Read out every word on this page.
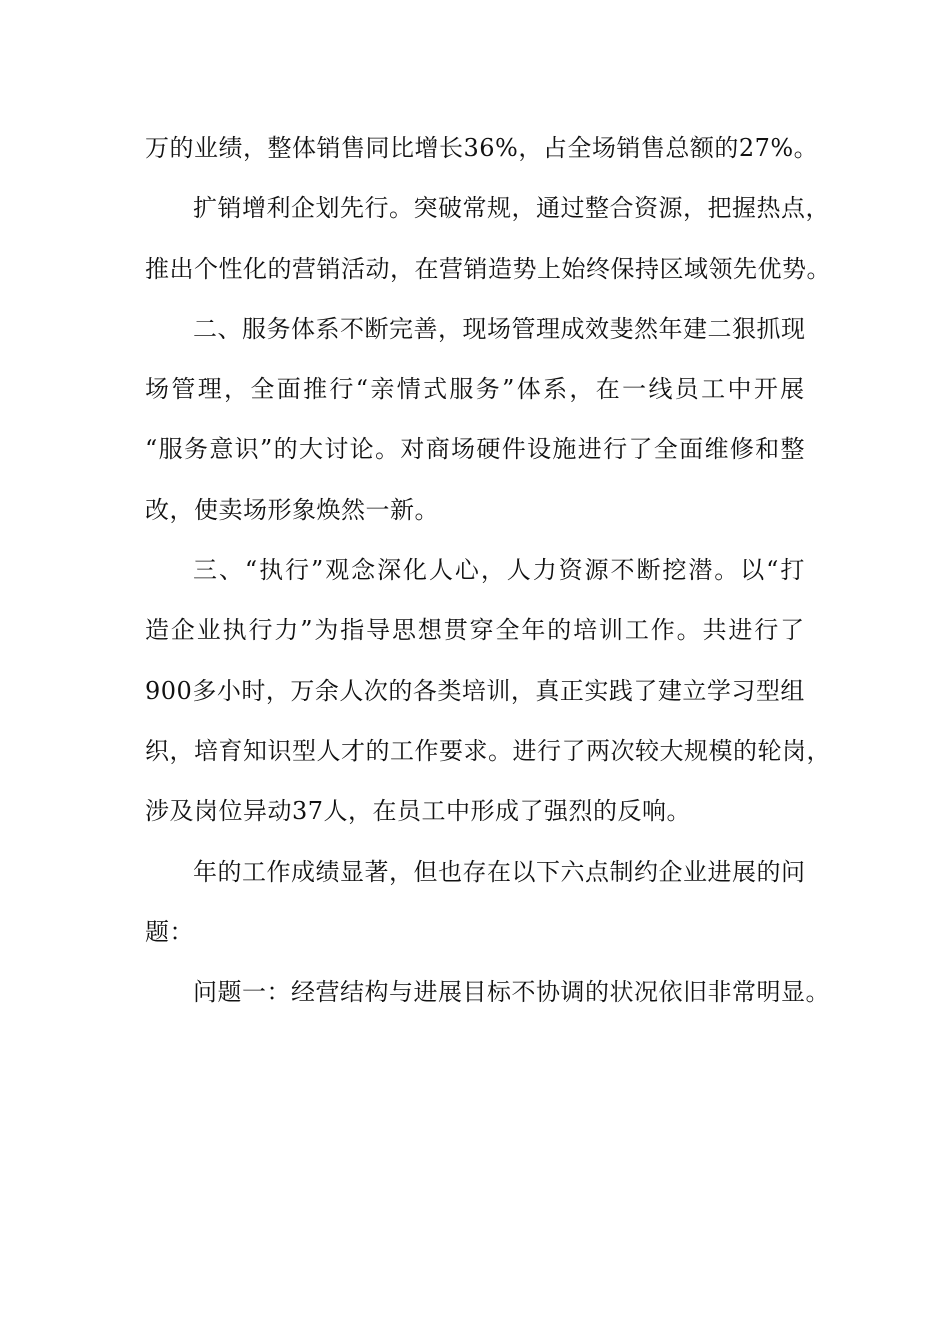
万的业绩，整体销售同比增长36%，占全场销售总额的27%。
扩 销 增 利 企 划 先 行 。 突 破 常 规 ， 通 过 整 合 资 源 ， 把 握 热 点 ，
推出个性化的营销活动，在营销造势上始终保持区域领先优势。
二 、 服 务 体 系 不 断 完 善 ， 现 场 管 理 成 效 斐 然 年 建 二 狠 抓 现
场 管 理 ， 全 面 推 行 “ 亲 情 式 服 务 ” 体 系 ， 在 一 线 员 工 中 开 展
“ 服 务 意 识 ” 的 大 讨 论 。 对 商 场 硬 件 设 施 进 行 了 全 面 维 修 和 整
改，使卖场形象焕然一新。
三 、 “ 执 行 ” 观 念 深 化 人 心 ， 人 力 资 源 不 断 挖 潜 。 以 “ 打
造 企 业 执 行 力 ” 为 指 导 思 想 贯 穿 全 年 的 培 训 工 作 。 共 进 行 了
900 多 小 时 ， 万 余 人 次 的 各 类 培 训 ， 真 正 实 践 了 建 立 学 习 型 组
织 ， 培 育 知 识 型 人 才 的 工 作 要 求 。 进 行 了 两 次 较 大 规 模 的 轮 岗 ，
涉及岗位异动37人，在员工中形成了强烈的反响。
年 的 工 作 成 绩 显 著 ， 但 也 存 在 以 下 六 点 制 约 企 业 进 展 的 问
题：
问题一：经营结构与进展目标不协调的状况依旧非常明显。
